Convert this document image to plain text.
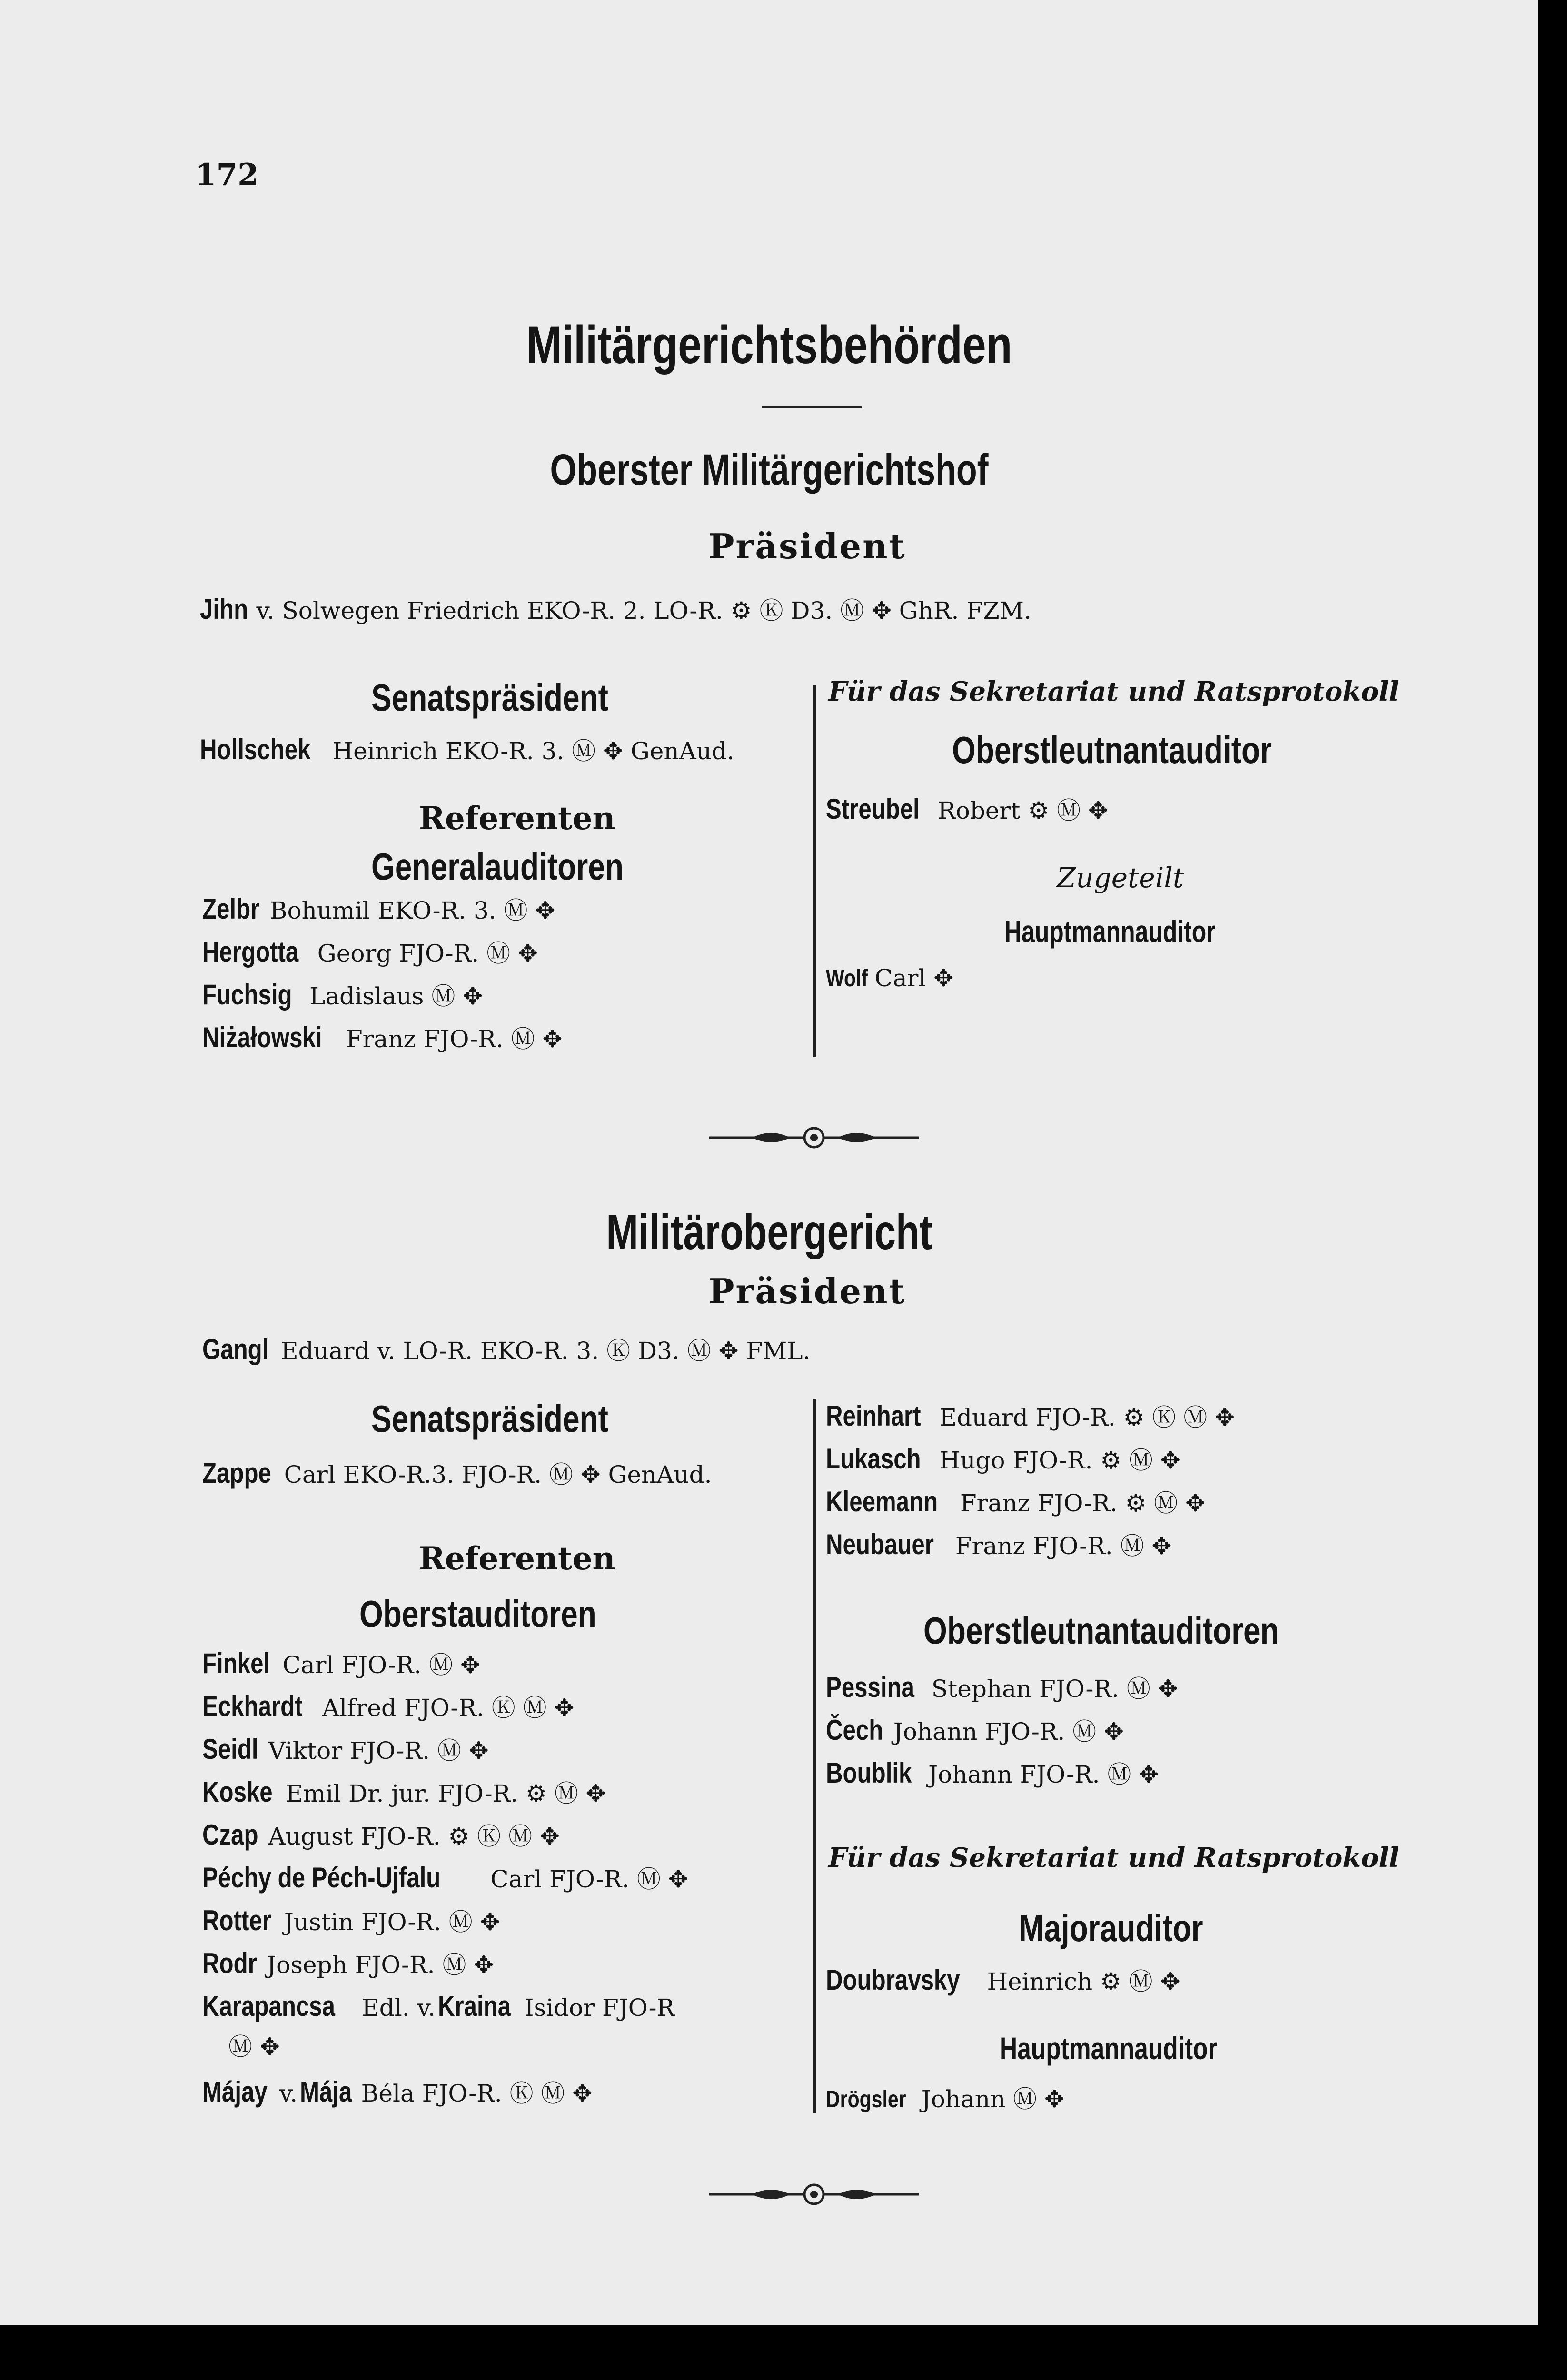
172
Militärgerichtsbehörden
Oberster Militärgerichtshof
Präsident
Jihn v. Solwegen Friedrich EKO-R. 2. LO-R. ⚙ Ⓚ D3. Ⓜ ✥ GhR. FZM.
Senatspräsident
Hollschek Heinrich EKO-R. 3. Ⓜ ✥ GenAud.
Referenten
Generalauditoren
Zelbr Bohumil EKO-R. 3. Ⓜ ✥
Hergotta Georg FJO-R. Ⓜ ✥
Fuchsig Ladislaus Ⓜ ✥
Niżałowski Franz FJO-R. Ⓜ ✥
Für das Sekretariat und Ratsprotokoll
Oberstleutnantauditor
Streubel Robert ⚙ Ⓜ ✥
Zugeteilt
Hauptmannauditor
Wolf Carl ✥
Militärobergericht
Präsident
Gangl Eduard v. LO-R. EKO-R. 3. Ⓚ D3. Ⓜ ✥ FML.
Senatspräsident
Zappe Carl EKO-R.3. FJO-R. Ⓜ ✥ GenAud.
Referenten
Oberstauditoren
Finkel Carl FJO-R. Ⓜ ✥
Eckhardt Alfred FJO-R. Ⓚ Ⓜ ✥
Seidl Viktor FJO-R. Ⓜ ✥
Koske Emil Dr. jur. FJO-R. ⚙ Ⓜ ✥
Czap August FJO-R. ⚙ Ⓚ Ⓜ ✥
Péchy de Péch-Ujfalu Carl FJO-R. Ⓜ ✥
Rotter Justin FJO-R. Ⓜ ✥
Rodr Joseph FJO-R. Ⓜ ✥
Karapancsa Edl. v. Kraina Isidor FJO-R
Ⓜ ✥
Májay v. Mája Béla FJO-R. Ⓚ Ⓜ ✥
Reinhart Eduard FJO-R. ⚙ Ⓚ Ⓜ ✥
Lukasch Hugo FJO-R. ⚙ Ⓜ ✥
Kleemann Franz FJO-R. ⚙ Ⓜ ✥
Neubauer Franz FJO-R. Ⓜ ✥
Oberstleutnantauditoren
Pessina Stephan FJO-R. Ⓜ ✥
Čech Johann FJO-R. Ⓜ ✥
Boublik Johann FJO-R. Ⓜ ✥
Für das Sekretariat und Ratsprotokoll
Majorauditor
Doubravsky Heinrich ⚙ Ⓜ ✥
Hauptmannauditor
Drögsler Johann Ⓜ ✥
